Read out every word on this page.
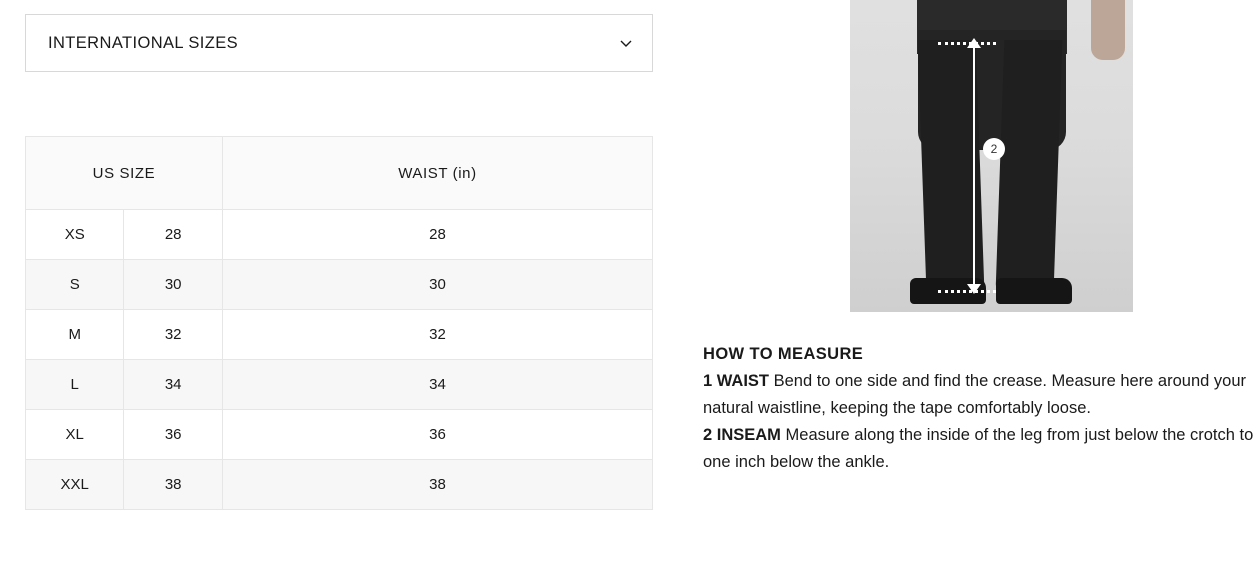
INTERNATIONAL SIZES
US SIZE		WAIST (in)
XS	28	28
S	30	30
M	32	32
L	34	34
XL	36	36
XXL	38	38
2
HOW TO MEASURE

1 WAIST Bend to one side and find the crease. Measure here around your natural waistline, keeping the tape comfortably loose.

2 INSEAM Measure along the inside of the leg from just below the crotch to one inch below the ankle.
